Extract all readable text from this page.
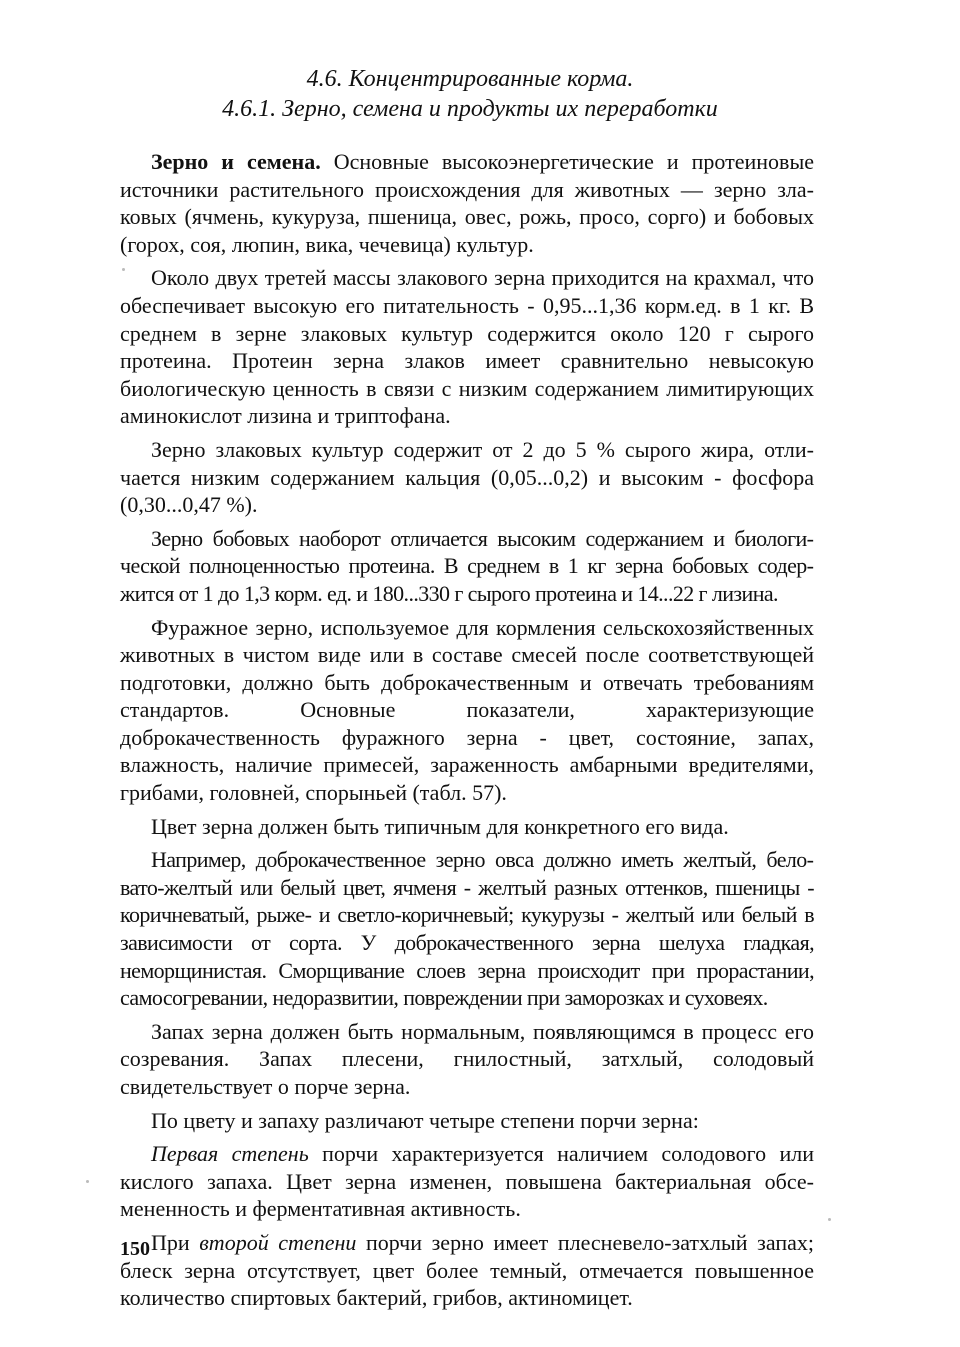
4.6. Концентрированные корма.
4.6.1. Зерно, семена и продукты их переработки

Зерно и семена. Основные высокоэнергетические и протеиновые источники растительного происхождения для животных — зерно злаковых (ячмень, кукуруза, пшеница, овес, рожь, просо, сорго) и бобовых (горох, соя, люпин, вика, чечевица) культур.

Около двух третей массы злакового зерна приходится на крахмал, что обеспечивает высокую его питательность - 0,95...1,36 корм.ед. в 1 кг. В среднем в зерне злаковых культур содержится около 120 г сырого протеина. Протеин зерна злаков имеет сравнительно невысокую биологическую ценность в связи с низким содержанием лимитирующих аминокислот лизина и триптофана.

Зерно злаковых культур содержит от 2 до 5 % сырого жира, отличается низким содержанием кальция (0,05...0,2) и высоким - фосфора (0,30...0,47 %).

Зерно бобовых наоборот отличается высоким содержанием и биологической полноценностью протеина. В среднем в 1 кг зерна бобовых содержится от 1 до 1,3 корм. ед. и 180...330 г сырого протеина и 14...22 г лизина.

Фуражное зерно, используемое для кормления сельскохозяйственных животных в чистом виде или в составе смесей после соответствующей подготовки, должно быть доброкачественным и отвечать требованиям стандартов. Основные показатели, характеризующие доброкачественность фуражного зерна - цвет, состояние, запах, влажность, наличие примесей, зараженность амбарными вредителями, грибами, головней, спорыньей (табл. 57).

Цвет зерна должен быть типичным для конкретного его вида.

Например, доброкачественное зерно овса должно иметь желтый, беловато-желтый или белый цвет, ячменя - желтый разных оттенков, пшеницы - коричневатый, рыже- и светло-коричневый; кукурузы - желтый или белый в зависимости от сорта. У доброкачественного зерна шелуха гладкая, неморщинистая. Сморщивание слоев зерна происходит при прорастании, самосогревании, недоразвитии, повреждении при заморозках и суховеях.

Запах зерна должен быть нормальным, появляющимся в процесс его созревания. Запах плесени, гнилостный, затхлый, солодовый свидетельствует о порче зерна.

По цвету и запаху различают четыре степени порчи зерна:

Первая степень порчи характеризуется наличием солодового или кислого запаха. Цвет зерна изменен, повышена бактериальная обсемененность и ферментативная активность.

При второй степени порчи зерно имеет плесневело-затхлый запах; блеск зерна отсутствует, цвет более темный, отмечается повышенное количество спиртовых бактерий, грибов, актиномицет.

150
